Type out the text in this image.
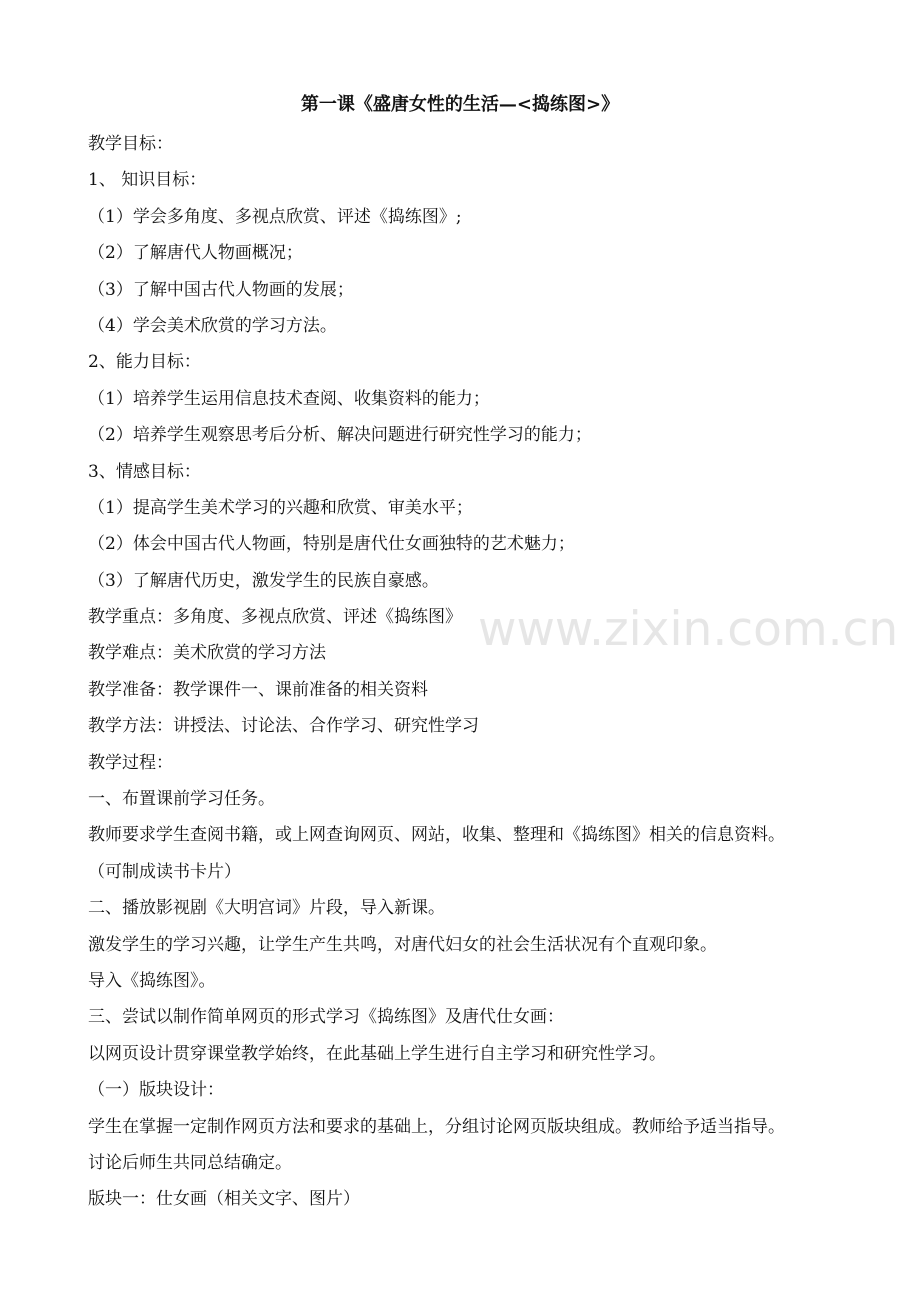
www.zixin.com.cn
第一课《盛唐女性的生活—<捣练图>》
教学目标：
1、 知识目标：
（1）学会多角度、多视点欣赏、评述《捣练图》;
（2）了解唐代人物画概况；
（3）了解中国古代人物画的发展；
（4）学会美术欣赏的学习方法。
2、能力目标：
（1）培养学生运用信息技术查阅、收集资料的能力；
（2）培养学生观察思考后分析、解决问题进行研究性学习的能力；
3、情感目标：
（1）提高学生美术学习的兴趣和欣赏、审美水平；
（2）体会中国古代人物画，特别是唐代仕女画独特的艺术魅力；
（3）了解唐代历史，激发学生的民族自豪感。
教学重点：多角度、多视点欣赏、评述《捣练图》
教学难点：美术欣赏的学习方法
教学准备：教学课件一、课前准备的相关资料
教学方法：讲授法、讨论法、合作学习、研究性学习
教学过程：
一、布置课前学习任务。
教师要求学生查阅书籍，或上网查询网页、网站，收集、整理和《捣练图》相关的信息资料。
（可制成读书卡片）
二、播放影视剧《大明宫词》片段，导入新课。
激发学生的学习兴趣，让学生产生共鸣，对唐代妇女的社会生活状况有个直观印象。
导入《捣练图》。
三、尝试以制作简单网页的形式学习《捣练图》及唐代仕女画：
以网页设计贯穿课堂教学始终，在此基础上学生进行自主学习和研究性学习。
（一）版块设计：
学生在掌握一定制作网页方法和要求的基础上，分组讨论网页版块组成。教师给予适当指导。
讨论后师生共同总结确定。
版块一：仕女画（相关文字、图片）
